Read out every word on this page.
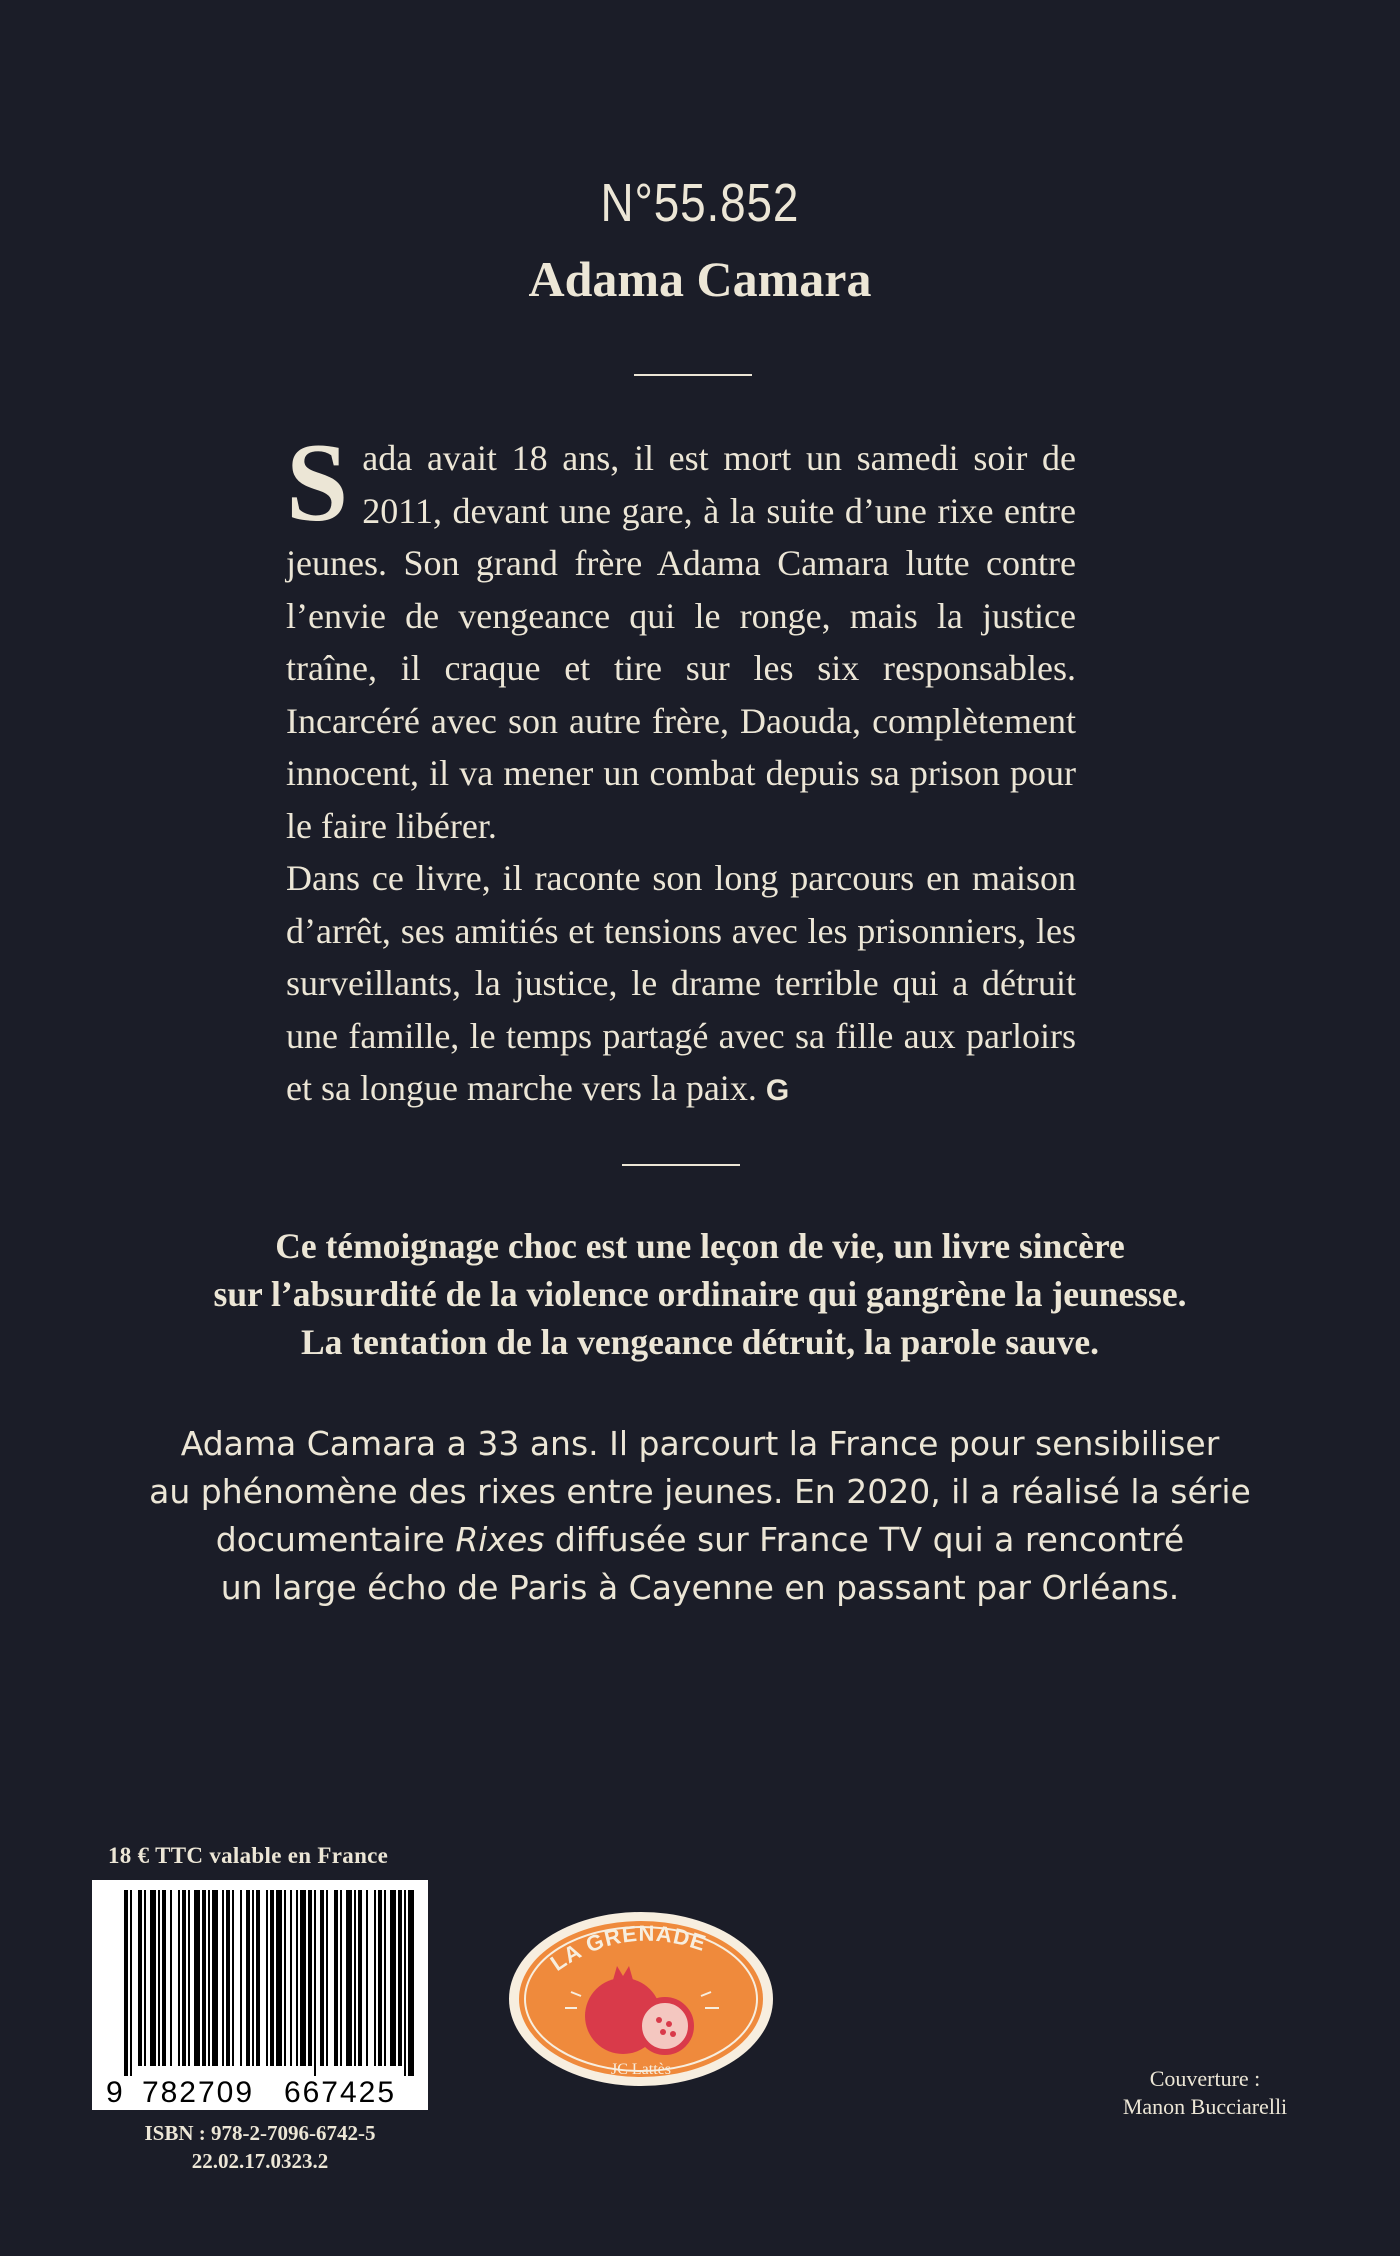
N°55.852
Adama Camara

Sada avait 18 ans, il est mort un samedi soir de 2011, devant une gare, à la suite d’une rixe entre jeunes. Son grand frère Adama Camara lutte contre l’envie de vengeance qui le ronge, mais la justice traîne, il craque et tire sur les six responsables. Incarcéré avec son autre frère, Daouda, complètement innocent, il va mener un combat depuis sa prison pour le faire libérer.

Dans ce livre, il raconte son long parcours en maison d’arrêt, ses amitiés et tensions avec les prisonniers, les surveillants, la justice, le drame terrible qui a détruit une famille, le temps partagé avec sa fille aux parloirs et sa longue marche vers la paix. G

Ce témoignage choc est une leçon de vie, un livre sincère
sur l’absurdité de la violence ordinaire qui gangrène la jeunesse.
La tentation de la vengeance détruit, la parole sauve.
Adama Camara a 33 ans. Il parcourt la France pour sensibiliser
au phénomène des rixes entre jeunes. En 2020, il a réalisé la série
documentaire Rixes diffusée sur France TV qui a rencontré
un large écho de Paris à Cayenne en passant par Orléans.
18 € TTC valable en France
9 782709 667425
ISBN : 978-2-7096-6742-5
22.02.17.0323.2
LA GRENADE
JC Lattès	Couverture :
Manon Bucciarelli
